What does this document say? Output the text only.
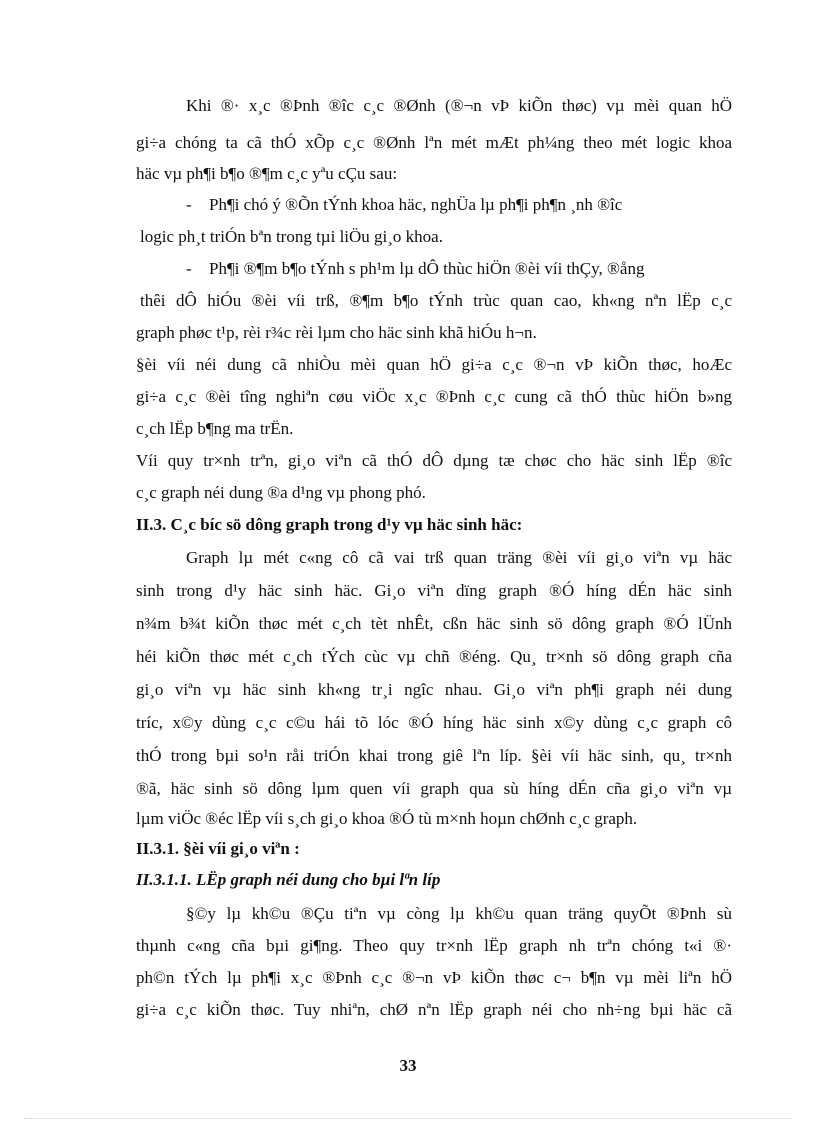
Khi ®· x¸c ®Þnh ®îc c¸c ®Ønh (®¬n vÞ kiÕn thøc) vµ mèi quan hÖ
gi÷a chóng ta cã thÓ xÕp c¸c ®Ønh lªn mét mÆt ph¼ng theo mét logic khoa
häc vµ ph¶i b¶o ®¶m c¸c yªu cÇu sau:
-	Ph¶i chó ý ®Õn tÝnh khoa häc, nghÜa lµ ph¶i ph¶n ¸nh ®îc
logic ph¸t triÓn bªn trong tµi liÖu gi¸o khoa.
-	Ph¶i ®¶m b¶o tÝnh s ph¹m lµ dÔ thùc hiÖn ®èi víi thÇy, ®ång
thêi dÔ hiÓu ®èi víi trß, ®¶m b¶o tÝnh trùc quan cao, kh«ng nªn lËp c¸c
graph phøc t¹p, rèi r¾c rèi lµm cho häc sinh khã hiÓu h¬n.
§èi víi néi dung cã nhiÒu mèi quan hÖ gi÷a c¸c ®¬n vÞ kiÕn thøc, hoÆc
gi÷a c¸c ®èi tîng nghiªn cøu viÖc x¸c ®Þnh c¸c cung cã thÓ thùc hiÖn b»ng
c¸ch lËp b¶ng ma trËn.
Víi quy tr×nh trªn, gi¸o viªn cã thÓ dÔ dµng tæ chøc cho häc sinh lËp ®îc
c¸c graph néi dung ®a d¹ng vµ phong phó.
II.3. C¸c bíc sö dông graph trong d¹y vµ häc sinh häc:
Graph lµ mét c«ng cô cã vai trß quan träng ®èi víi gi¸o viªn vµ häc
sinh trong d¹y häc sinh häc. Gi¸o viªn dïng graph ®Ó híng dÉn häc sinh
n¾m b¾t kiÕn thøc mét c¸ch tèt nhÊt, cßn häc sinh sö dông graph ®Ó lÜnh
héi kiÕn thøc mét c¸ch tÝch cùc vµ chñ ®éng. Qu¸ tr×nh sö dông graph cña
gi¸o viªn vµ häc sinh kh«ng tr¸i ngîc nhau. Gi¸o viªn ph¶i graph néi dung
tríc, x©y dùng c¸c c©u hái tõ lóc ®Ó híng häc sinh x©y dùng c¸c graph cô
thÓ trong bµi so¹n råi triÓn khai trong giê lªn líp. §èi víi häc sinh, qu¸ tr×nh
®ã, häc sinh sö dông lµm quen víi graph qua sù híng dÉn cña gi¸o viªn vµ
lµm viÖc ®éc lËp víi s¸ch gi¸o khoa ®Ó tù m×nh hoµn chØnh c¸c graph.
II.3.1. §èi víi gi¸o viªn :
II.3.1.1. LËp graph néi dung cho bµi lªn líp
§©y lµ kh©u ®Çu tiªn vµ còng lµ kh©u quan träng quyÕt ®Þnh sù
thµnh c«ng cña bµi gi¶ng. Theo quy tr×nh lËp graph nh trªn chóng t«i ®·
ph©n tÝch lµ ph¶i x¸c ®Þnh c¸c ®¬n vÞ kiÕn thøc c¬ b¶n vµ mèi liªn hÖ
gi÷a c¸c kiÕn thøc. Tuy nhiªn, chØ nªn lËp graph néi cho nh÷ng bµi häc cã
33
